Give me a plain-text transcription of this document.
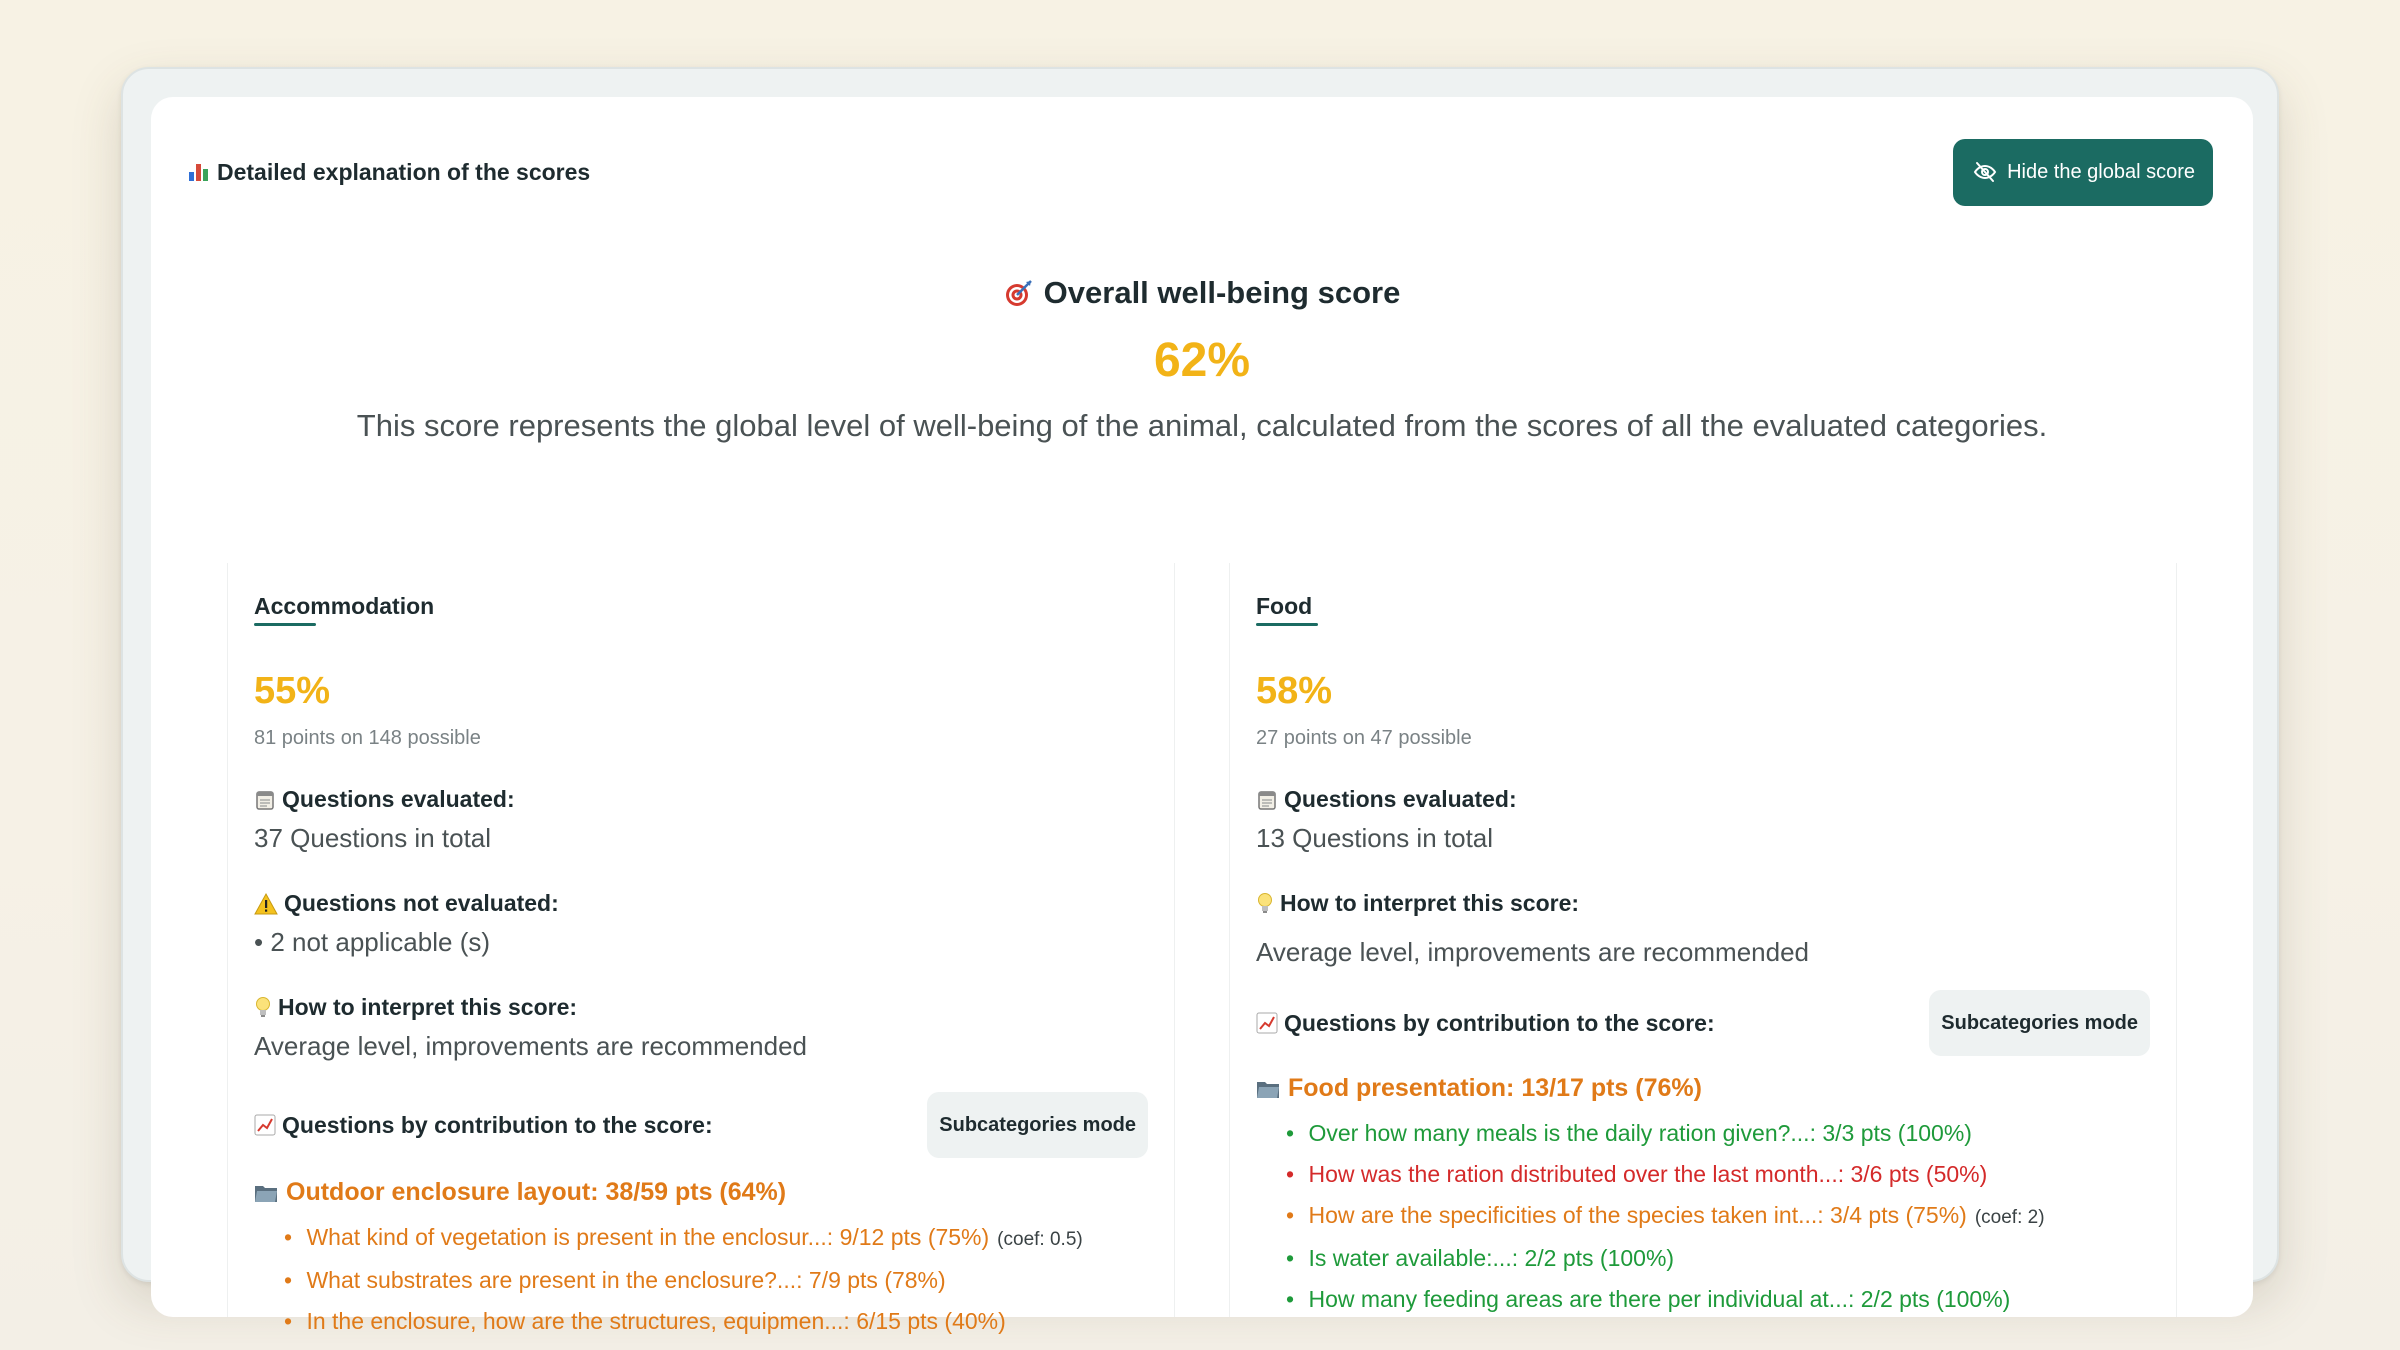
Detailed explanation of the scores	Hide the global score
Overall well-being score
62%
This score represents the global level of well-being of the animal, calculated from the scores of all the evaluated categories.
Accommodation
55%
81 points on 148 possible
Questions evaluated:
37 Questions in total
Questions not evaluated:
• 2 not applicable (s)
How to interpret this score:
Average level, improvements are recommended
Questions by contribution to the score:	Subcategories mode
Outdoor enclosure layout: 38/59 pts (64%)
• What kind of vegetation is present in the enclosur...: 9/12 pts (75%) (coef: 0.5)
• What substrates are present in the enclosure?...: 7/9 pts (78%)
• In the enclosure, how are the structures, equipmen...: 6/15 pts (40%)
Food
58%
27 points on 47 possible
Questions evaluated:
13 Questions in total
How to interpret this score:
Average level, improvements are recommended
Questions by contribution to the score:	Subcategories mode
Food presentation: 13/17 pts (76%)
• Over how many meals is the daily ration given?...: 3/3 pts (100%)
• How was the ration distributed over the last month...: 3/6 pts (50%)
• How are the specificities of the species taken int...: 3/4 pts (75%) (coef: 2)
• Is water available:...: 2/2 pts (100%)
• How many feeding areas are there per individual at...: 2/2 pts (100%)
